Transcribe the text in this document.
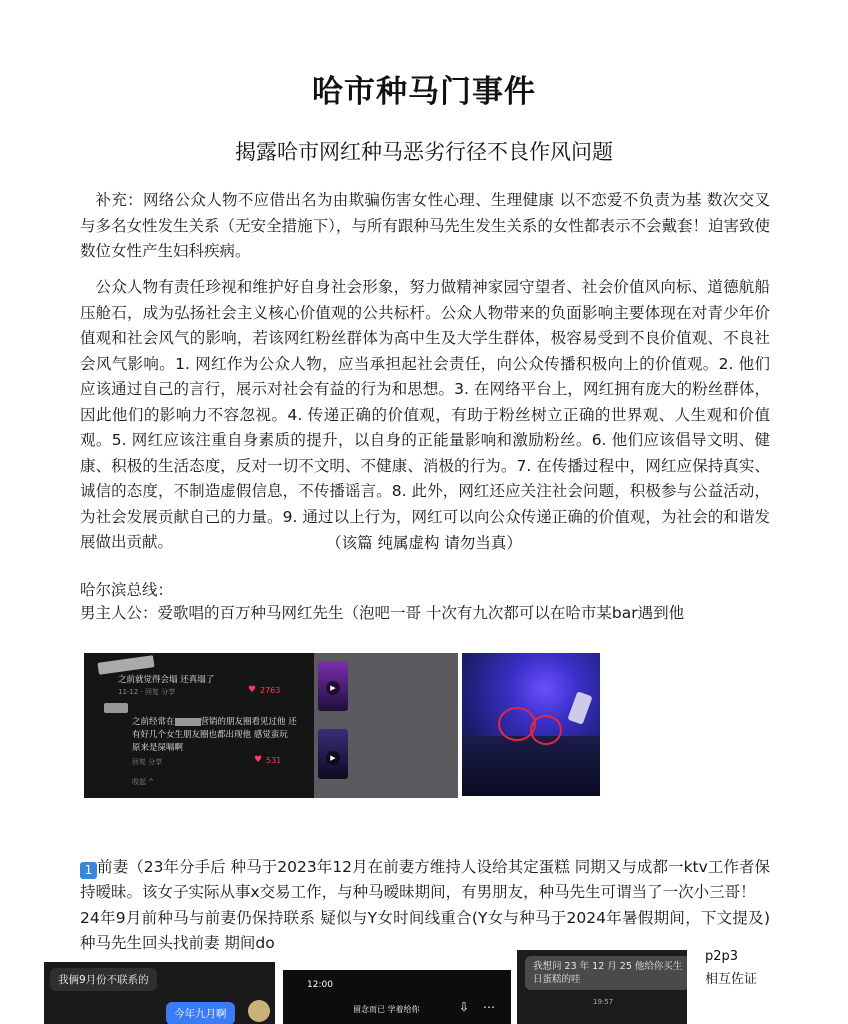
哈市种马门事件
揭露哈市网红种马恶劣行径不良作风问题
补充：网络公众人物不应借出名为由欺骗伤害女性心理、生理健康 以不恋爱不负责为基 数次交叉与多名女性发生关系（无安全措施下），与所有跟种马先生发生关系的女性都表示不会戴套！迫害致使数位女性产生妇科疾病。
公众人物有责任珍视和维护好自身社会形象，努力做精神家园守望者、社会价值风向标、道德航船压舱石，成为弘扬社会主义核心价值观的公共标杆。公众人物带来的负面影响主要体现在对青少年价值观和社会风气的影响，若该网红粉丝群体为高中生及大学生群体，极容易受到不良价值观、不良社会风气影响。1. 网红作为公众人物，应当承担起社会责任，向公众传播积极向上的价值观。2. 他们应该通过自己的言行，展示对社会有益的行为和思想。3. 在网络平台上，网红拥有庞大的粉丝群体，因此他们的影响力不容忽视。4. 传递正确的价值观，有助于粉丝树立正确的世界观、人生观和价值观。5. 网红应该注重自身素质的提升，以自身的正能量影响和激励粉丝。6. 他们应该倡导文明、健康、积极的生活态度，反对一切不文明、不健康、消极的行为。7. 在传播过程中，网红应保持真实、诚信的态度，不制造虚假信息，不传播谣言。8. 此外，网红还应关注社会问题，积极参与公益活动，为社会发展贡献自己的力量。9. 通过以上行为，网红可以向公众传递正确的价值观，为社会的和谐发展做出贡献。	（该篇 纯属虚构 请勿当真）
哈尔滨总线：
男主人公：爱歌唱的百万种马网红先生（泡吧一哥 十次有九次都可以在哈市某bar遇到他
之前就觉得会塌 还真塌了
11-12 · 回复 分享	♥ 2763
之前经常在	营销的朋友圈看见过他 还
有好几个女生朋友圈也都出现他 感觉蛮玩
原来是屎嗝啊
回复 分享	♥ 531
收起 ^
▶
▶

1 前妻（23年分手后 种马于2023年12月在前妻方维持人设给其定蛋糕 同期又与成都一ktv工作者保持暧昧。该女子实际从事x交易工作，与种马暧昧期间，有男朋友，种马先生可谓当了一次小三哥！
24年9月前种马与前妻仍保持联系 疑似与Y女时间线重合(Y女与种马于2024年暑假期间，下文提及)种马先生回头找前妻 期间do

我俩9月份不联系的
今年九月啊
12:00
留念而已 学着给你	⇩ ⋯
我想问 23 年 12 月 25 他给你买生日蛋糕的哇
19:57
p2p3
相互佐证
